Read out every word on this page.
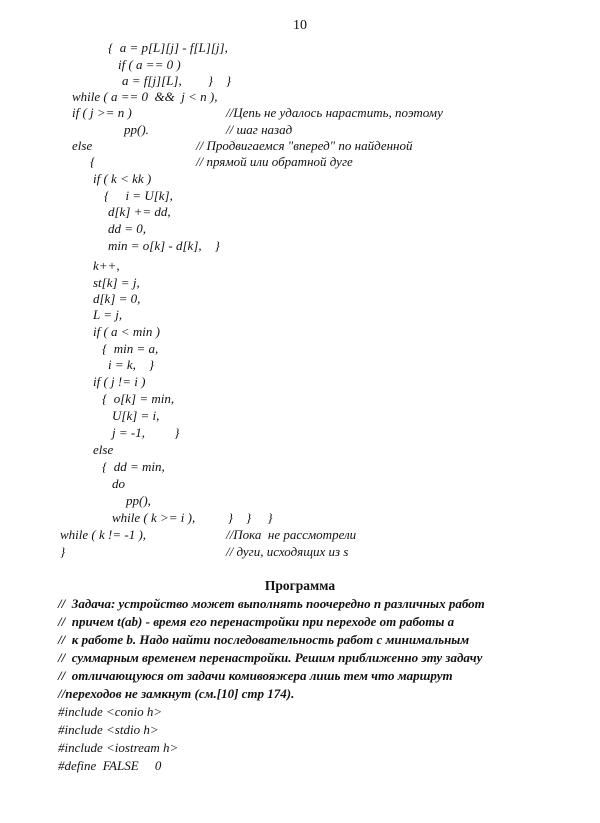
10
{  a = p[L][j] - f[L][j],
if ( a == 0 )
a = f[j][L],        }    }
while ( a == 0  &&  j < n ),
if ( j >= n )
pp().
else
{
if ( k < kk )
{     i = U[k],
d[k] += dd,
dd = 0,
min = o[k] - d[k],    }
k++,
st[k] = j,
d[k] = 0,
L = j,
if ( a < min )
{  min = a,
i = k,    }
if ( j != i )
{  o[k] = min,
U[k] = i,
j = -1,         }
else
{  dd = min,
do
pp(),
while ( k >= i ),          }    }     }
while ( k != -1 ),
}
//Цепь не удалось нарастить, поэтому
// шаг назад
// Продвигаемся "вперед" по найденной
// прямой или обратной дуге
//Пока  не рассмотрели
// дуги, исходящих из s
Программа
//  Задача: устройство может выполнять поочередно n различных работ
//  причем t(ab) - время его перенастройки при переходе от работы a
//  к работе b. Надо найти последовательность работ с минимальным
//  суммарным временем перенастройки. Решим приближенно эту задачу
//  отличающуюся от задачи комивояжера лишь тем что маршрут
//переходов не замкнут (см.[10] стр 174).
#include <conio h>
#include <stdio h>
#include <iostream h>
#define  FALSE     0
